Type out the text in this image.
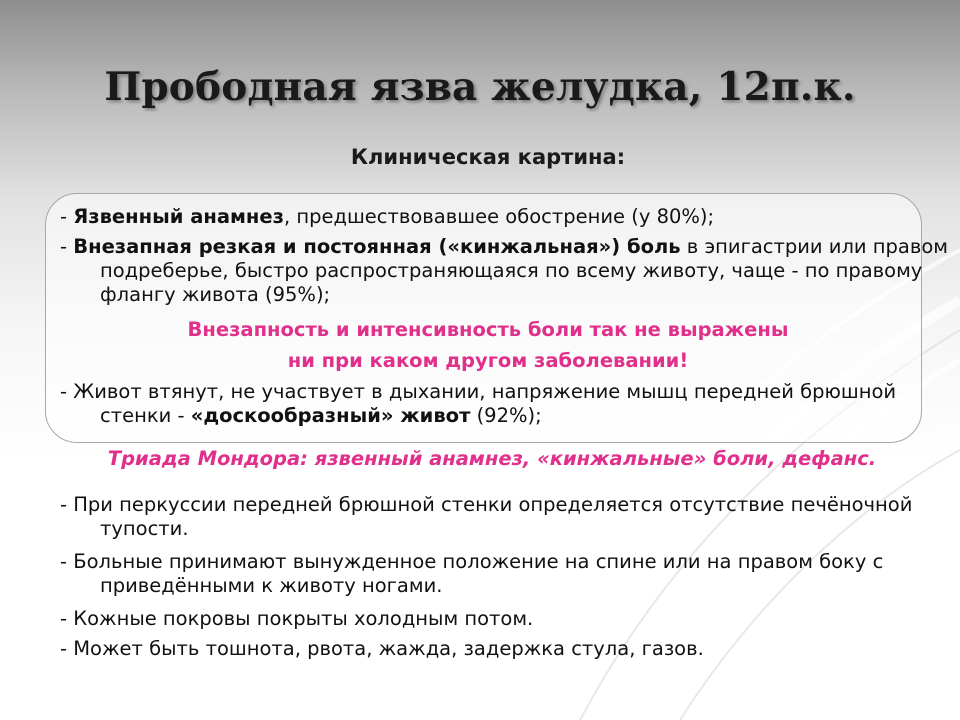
Прободная язва желудка, 12п.к.
Клиническая картина:

- Язвенный анамнез, предшествовавшее обострение (у 80%);

- Внезапная резкая и постоянная («кинжальная») боль в эпигастрии или правом подреберье, быстро распространяющаяся по всему животу, чаще - по правому флангу живота (95%);

Внезапность и интенсивность боли так не выражены

ни при каком другом заболевании!

- Живот втянут, не участвует в дыхании, напряжение мышц передней брюшной стенки - «доскообразный» живот (92%);

Триада Мондора: язвенный анамнез, «кинжальные» боли, дефанс.

- При перкуссии передней брюшной стенки определяется отсутствие печёночной тупости.

- Больные принимают вынужденное положение на спине или на правом боку с приведёнными к животу ногами.

- Кожные покровы покрыты холодным потом.

- Может быть тошнота, рвота, жажда, задержка стула, газов.
